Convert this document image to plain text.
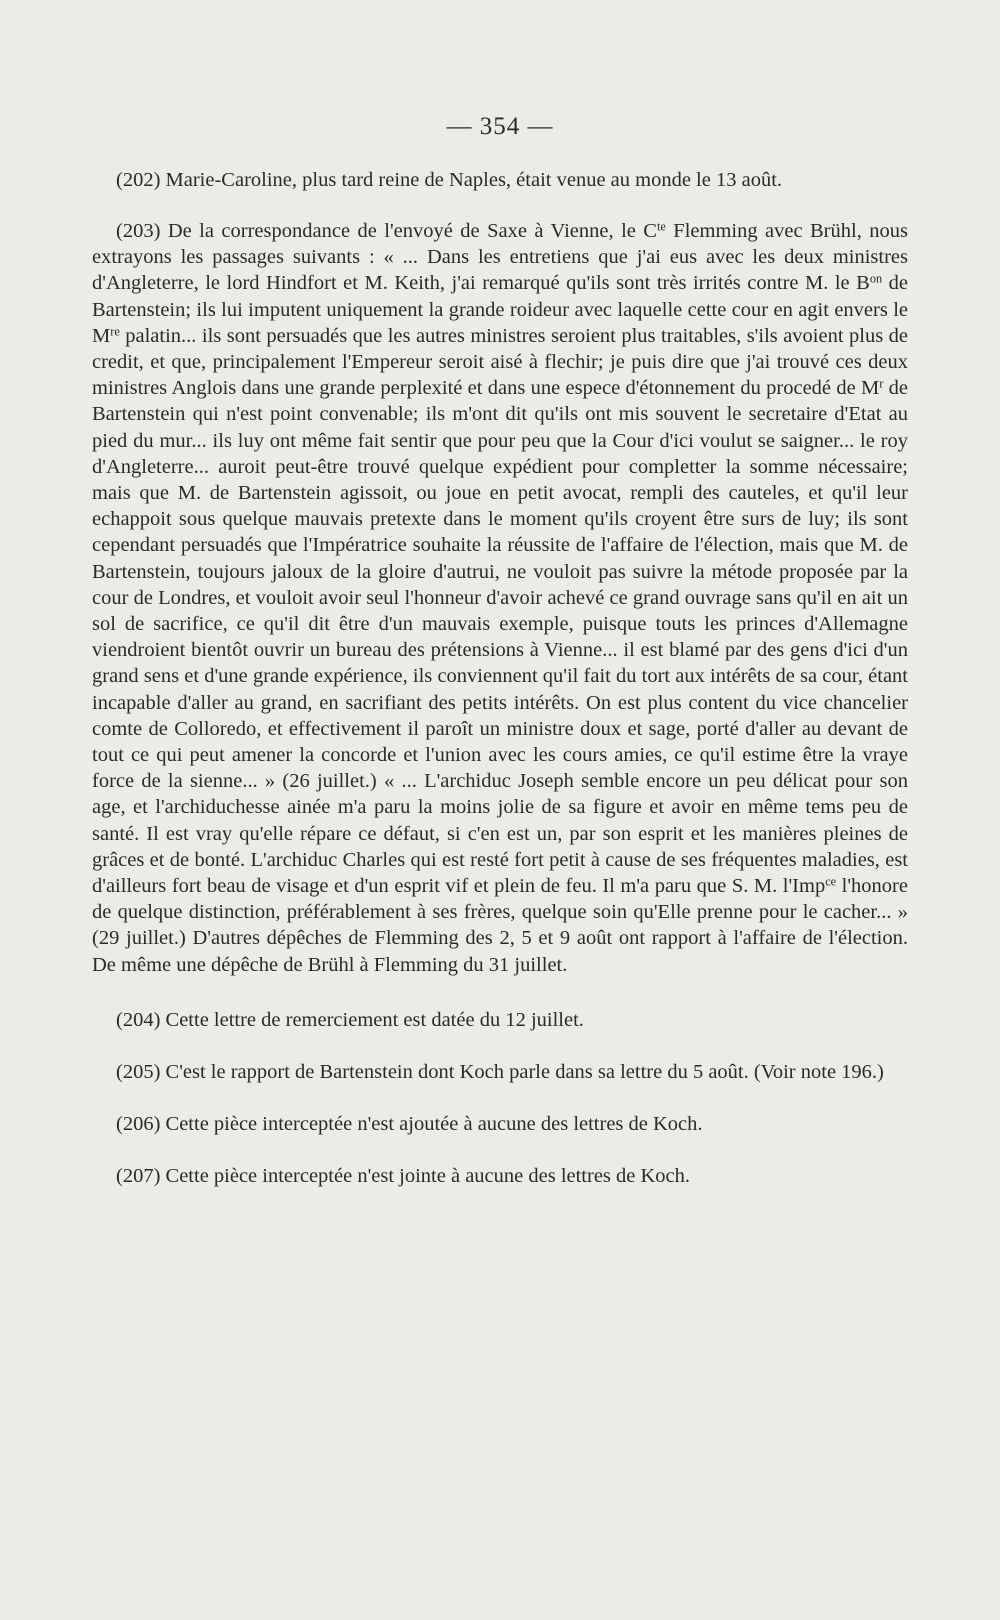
— 354 —

(202) Marie-Caroline, plus tard reine de Naples, était venue au monde le 13 août.

(203) De la correspondance de l'envoyé de Saxe à Vienne, le $C^{te}$ Flemming avec Brühl, nous extrayons les passages suivants : « ... Dans les entretiens que j'ai eus avec les deux ministres d'Angleterre, le lord Hindfort et M. Keith, j'ai remarqué qu'ils sont très irrités contre M. le $B^{on}$ de Bartenstein; ils lui imputent uniquement la grande roideur avec laquelle cette cour en agit envers le Mre palatin... ils sont persuadés que les autres ministres seroient plus traitables, s'ils avoient plus de credit, et que, principalement l'Empereur seroit aisé à flechir; je puis dire que j'ai trouvé ces deux ministres Anglois dans une grande perplexité et dans une espece d'étonnement du procedé de $M^r$ de Bartenstein qui n'est point convenable; ils m'ont dit qu'ils ont mis souvent le secretaire d'Etat au pied du mur... ils luy ont même fait sentir que pour peu que la Cour d'ici voulut se saigner... le roy d'Angleterre... auroit peut-être trouvé quelque expédient pour completter la somme nécessaire; mais que M. de Bartenstein agissoit, ou joue en petit avocat, rempli des cauteles, et qu'il leur echappoit sous quelque mauvais pretexte dans le moment qu'ils croyent être surs de luy; ils sont cependant persuadés que l'Impératrice souhaite la réussite de l'affaire de l'élection, mais que M. de Bartenstein, toujours jaloux de la gloire d'autrui, ne vouloit pas suivre la métode proposée par la cour de Londres, et vouloit avoir seul l'honneur d'avoir achevé ce grand ouvrage sans qu'il en ait un sol de sacrifice, ce qu'il dit être d'un mauvais exemple, puisque touts les princes d'Allemagne viendroient bientôt ouvrir un bureau des prétensions à Vienne... il est blamé par des gens d'ici d'un grand sens et d'une grande expérience, ils conviennent qu'il fait du tort aux intérêts de sa cour, étant incapable d'aller au grand, en sacrifiant des petits intérêts. On est plus content du vice chancelier comte de Colloredo, et effectivement il paroît un ministre doux et sage, porté d'aller au devant de tout ce qui peut amener la concorde et l'union avec les cours amies, ce qu'il estime être la vraye force de la sienne... » (26 juillet.) « ... L'archiduc Joseph semble encore un peu délicat pour son age, et l'archiduchesse ainée m'a paru la moins jolie de sa figure et avoir en même tems peu de santé. Il est vray qu'elle répare ce défaut, si c'en est un, par son esprit et les manières pleines de grâces et de bonté. L'archiduc Charles qui est resté fort petit à cause de ses fréquentes maladies, est d'ailleurs fort beau de visage et d'un esprit vif et plein de feu. Il m'a paru que S. M. l'Imp$^{ce}$ l'honore de quelque distinction, préférablement à ses frères, quelque soin qu'Elle prenne pour le cacher... » (29 juillet.) D'autres dépêches de Flemming des 2, 5 et 9 août ont rapport à l'affaire de l'élection. De même une dépêche de Brühl à Flemming du 31 juillet.

(204) Cette lettre de remerciement est datée du 12 juillet.

(205) C'est le rapport de Bartenstein dont Koch parle dans sa lettre du 5 août. (Voir note 196.)

(206) Cette pièce interceptée n'est ajoutée à aucune des lettres de Koch.

(207) Cette pièce interceptée n'est jointe à aucune des lettres de Koch.
